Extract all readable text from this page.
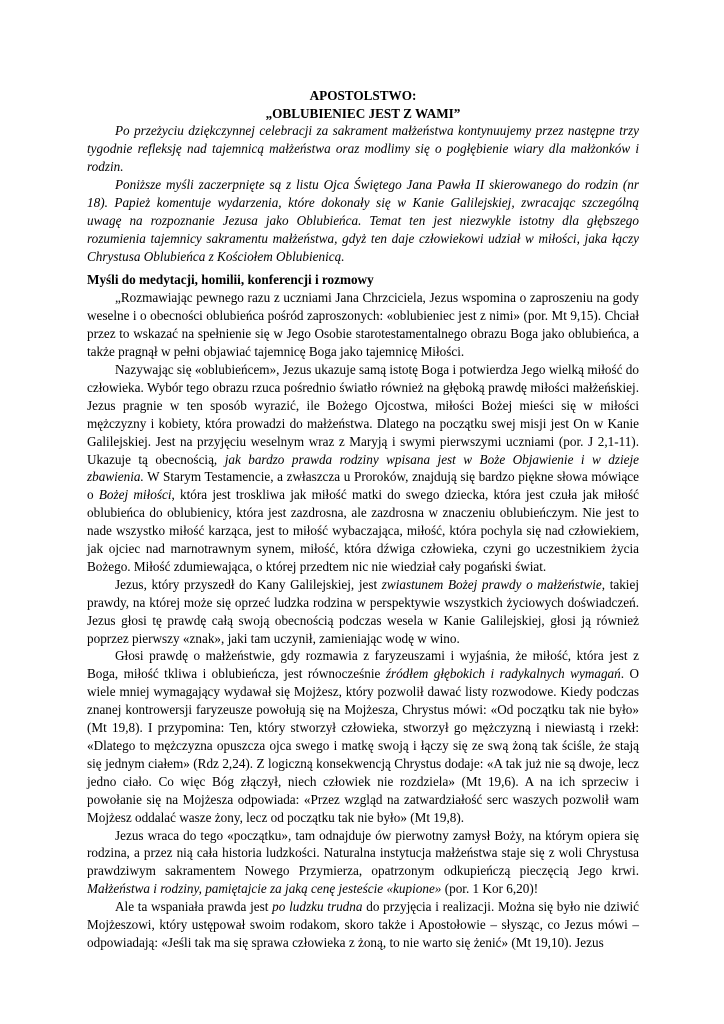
APOSTOLSTWO:
„OBLUBIENIEC JEST Z WAMI”

Po przeżyciu dziękczynnej celebracji za sakrament małżeństwa kontynuujemy przez następne trzy tygodnie refleksję nad tajemnicą małżeństwa oraz modlimy się o pogłębienie wiary dla małżonków i rodzin.

Poniższe myśli zaczerpnięte są z listu Ojca Świętego Jana Pawła II skierowanego do rodzin (nr 18). Papież komentuje wydarzenia, które dokonały się w Kanie Galilejskiej, zwracając szczególną uwagę na rozpoznanie Jezusa jako Oblubieńca. Temat ten jest niezwykle istotny dla głębszego rozumienia tajemnicy sakramentu małżeństwa, gdyż ten daje człowiekowi udział w miłości, jaka łączy Chrystusa Oblubieńca z Kościołem Oblubienicą.

Myśli do medytacji, homilii, konferencji i rozmowy

„Rozmawiając pewnego razu z uczniami Jana Chrzciciela, Jezus wspomina o zaproszeniu na gody weselne i o obecności oblubieńca pośród zaproszonych: «oblubieniec jest z nimi» (por. Mt 9,15). Chciał przez to wskazać na spełnienie się w Jego Osobie starotestamentalnego obrazu Boga jako oblubieńca, a także pragnął w pełni objawiać tajemnicę Boga jako tajemnicę Miłości.

Nazywając się «oblubieńcem», Jezus ukazuje samą istotę Boga i potwierdza Jego wielką miłość do człowieka. Wybór tego obrazu rzuca pośrednio światło również na głęboką prawdę miłości małżeńskiej. Jezus pragnie w ten sposób wyrazić, ile Bożego Ojcostwa, miłości Bożej mieści się w miłości mężczyzny i kobiety, która prowadzi do małżeństwa. Dlatego na początku swej misji jest On w Kanie Galilejskiej. Jest na przyjęciu weselnym wraz z Maryją i swymi pierwszymi uczniami (por. J 2,1-11). Ukazuje tą obecnością, jak bardzo prawda rodziny wpisana jest w Boże Objawienie i w dzieje zbawienia. W Starym Testamencie, a zwłaszcza u Proroków, znajdują się bardzo piękne słowa mówiące o Bożej miłości, która jest troskliwa jak miłość matki do swego dziecka, która jest czuła jak miłość oblubieńca do oblubienicy, która jest zazdrosna, ale zazdrosna w znaczeniu oblubieńczym. Nie jest to nade wszystko miłość karząca, jest to miłość wybaczająca, miłość, która pochyla się nad człowiekiem, jak ojciec nad marnotrawnym synem, miłość, która dźwiga człowieka, czyni go uczestnikiem życia Bożego. Miłość zdumiewająca, o której przedtem nic nie wiedział cały pogański świat.

Jezus, który przyszedł do Kany Galilejskiej, jest zwiastunem Bożej prawdy o małżeństwie, takiej prawdy, na której może się oprzeć ludzka rodzina w perspektywie wszystkich życiowych doświadczeń. Jezus głosi tę prawdę całą swoją obecnością podczas wesela w Kanie Galilejskiej, głosi ją również poprzez pierwszy «znak», jaki tam uczynił, zamieniając wodę w wino.

Głosi prawdę o małżeństwie, gdy rozmawia z faryzeuszami i wyjaśnia, że miłość, która jest z Boga, miłość tkliwa i oblubieńcza, jest równocześnie źródłem głębokich i radykalnych wymagań. O wiele mniej wymagający wydawał się Mojżesz, który pozwolił dawać listy rozwodowe. Kiedy podczas znanej kontrowersji faryzeusze powołują się na Mojżesza, Chrystus mówi: «Od początku tak nie było» (Mt 19,8). I przypomina: Ten, który stworzył człowieka, stworzył go mężczyzną i niewiastą i rzekł: «Dlatego to mężczyzna opuszcza ojca swego i matkę swoją i łączy się ze swą żoną tak ściśle, że stają się jednym ciałem» (Rdz 2,24). Z logiczną konsekwencją Chrystus dodaje: «A tak już nie są dwoje, lecz jedno ciało. Co więc Bóg złączył, niech człowiek nie rozdziela» (Mt 19,6). A na ich sprzeciw i powołanie się na Mojżesza odpowiada: «Przez wzgląd na zatwardziałość serc waszych pozwolił wam Mojżesz oddalać wasze żony, lecz od początku tak nie było» (Mt 19,8).

Jezus wraca do tego «początku», tam odnajduje ów pierwotny zamysł Boży, na którym opiera się rodzina, a przez nią cała historia ludzkości. Naturalna instytucja małżeństwa staje się z woli Chrystusa prawdziwym sakramentem Nowego Przymierza, opatrzonym odkupieńczą pieczęcią Jego krwi. Małżeństwa i rodziny, pamiętajcie za jaką cenę jesteście «kupione» (por. 1 Kor 6,20)!

Ale ta wspaniała prawda jest po ludzku trudna do przyjęcia i realizacji. Można się było nie dziwić Mojżeszowi, który ustępował swoim rodakom, skoro także i Apostołowie – słysząc, co Jezus mówi – odpowiadają: «Jeśli tak ma się sprawa człowieka z żoną, to nie warto się żenić» (Mt 19,10). Jezus
